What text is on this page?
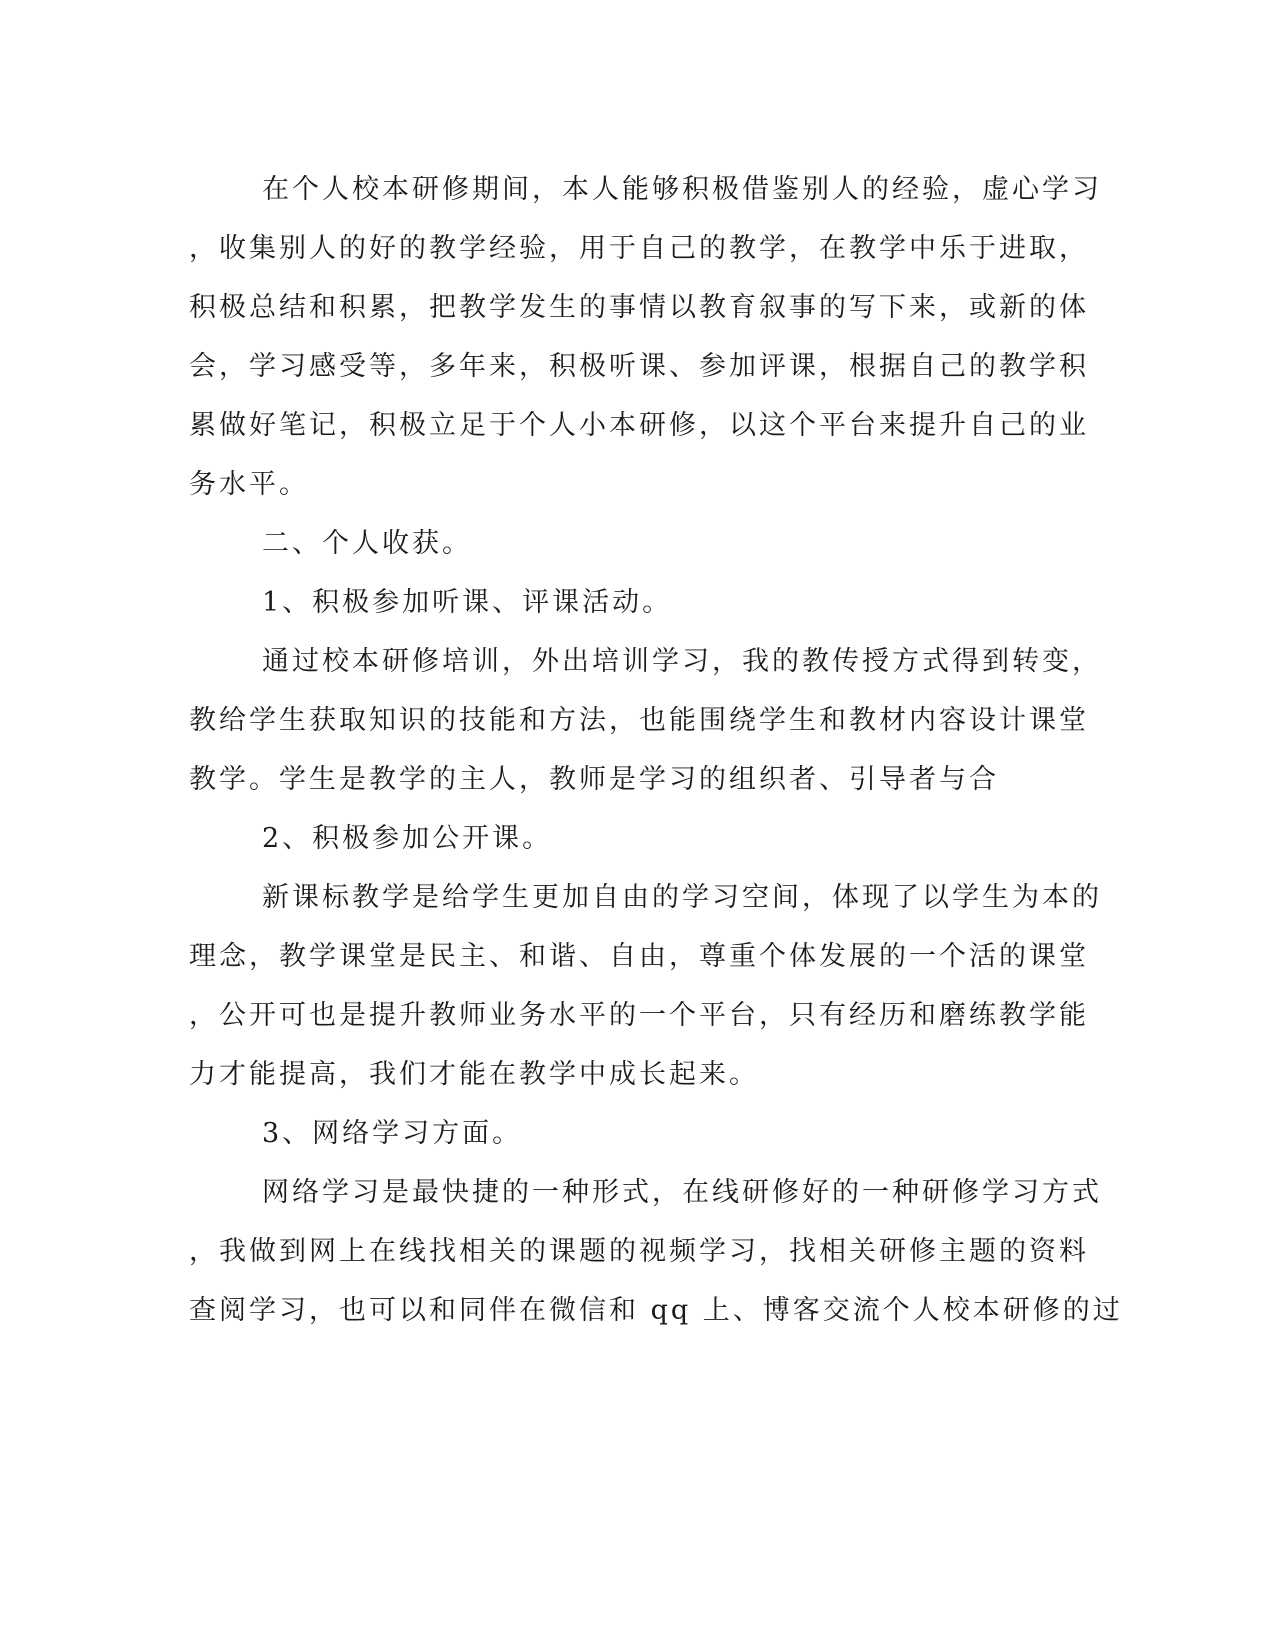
在个人校本研修期间，本人能够积极借鉴别人的经验，虚心学习
，收集别人的好的教学经验，用于自己的教学，在教学中乐于进取，
积极总结和积累，把教学发生的事情以教育叙事的写下来，或新的体
会，学习感受等，多年来，积极听课、参加评课，根据自己的教学积
累做好笔记，积极立足于个人小本研修，以这个平台来提升自己的业
务水平。
二、个人收获。
1、积极参加听课、评课活动。
通过校本研修培训，外出培训学习，我的教传授方式得到转变，
教给学生获取知识的技能和方法，也能围绕学生和教材内容设计课堂
教学。学生是教学的主人，教师是学习的组织者、引导者与合
2、积极参加公开课。
新课标教学是给学生更加自由的学习空间，体现了以学生为本的
理念，教学课堂是民主、和谐、自由，尊重个体发展的一个活的课堂
，公开可也是提升教师业务水平的一个平台，只有经历和磨练教学能
力才能提高，我们才能在教学中成长起来。
3、网络学习方面。
网络学习是最快捷的一种形式，在线研修好的一种研修学习方式
，我做到网上在线找相关的课题的视频学习，找相关研修主题的资料
查阅学习，也可以和同伴在微信和 qq 上、博客交流个人校本研修的过
